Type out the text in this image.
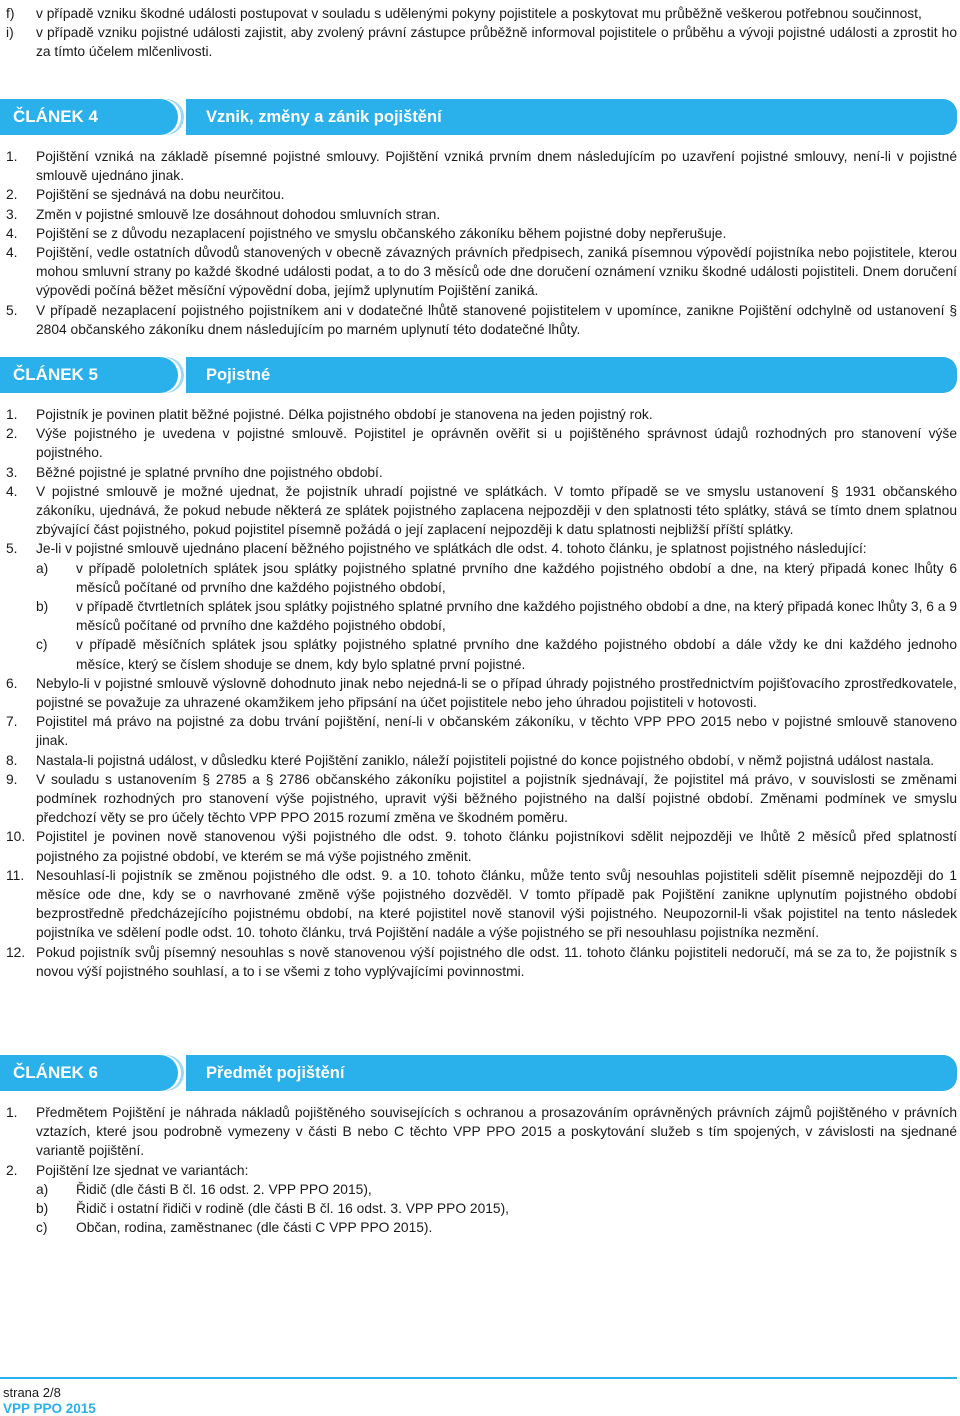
f) v případě vzniku škodné události postupovat v souladu s udělenými pokyny pojistitele a poskytovat mu průběžně veškerou potřebnou součinnost,

i) v případě vzniku pojistné události zajistit, aby zvolený právní zástupce průběžně informoval pojistitele o průběhu a vývoji pojistné události a zprostit ho za tímto účelem mlčenlivosti.

ČLÁNEK 4	Vznik, změny a zánik pojištění

1. Pojištění vzniká na základě písemné pojistné smlouvy. Pojištění vzniká prvním dnem následujícím po uzavření pojistné smlouvy, není-li v pojistné smlouvě ujednáno jinak.

2. Pojištění se sjednává na dobu neurčitou.

3. Změn v pojistné smlouvě lze dosáhnout dohodou smluvních stran.

4. Pojištění se z důvodu nezaplacení pojistného ve smyslu občanského zákoníku během pojistné doby nepřerušuje.

4. Pojištění, vedle ostatních důvodů stanovených v obecně závazných právních předpisech, zaniká písemnou výpovědí pojistníka nebo pojistitele, kterou mohou smluvní strany po každé škodné události podat, a to do 3 měsíců ode dne doručení oznámení vzniku škodné události pojistiteli. Dnem doručení výpovědi počíná běžet měsíční výpovědní doba, jejímž uplynutím Pojištění zaniká.

5. V případě nezaplacení pojistného pojistníkem ani v dodatečné lhůtě stanovené pojistitelem v upomínce, zanikne Pojištění odchylně od ustanovení § 2804 občanského zákoníku dnem následujícím po marném uplynutí této dodatečné lhůty.

ČLÁNEK 5	Pojistné

1. Pojistník je povinen platit běžné pojistné. Délka pojistného období je stanovena na jeden pojistný rok.

2. Výše pojistného je uvedena v pojistné smlouvě. Pojistitel je oprávněn ověřit si u pojištěného správnost údajů rozhodných pro stanovení výše pojistného.

3. Běžné pojistné je splatné prvního dne pojistného období.

4. V pojistné smlouvě je možné ujednat, že pojistník uhradí pojistné ve splátkách. V tomto případě se ve smyslu ustanovení § 1931 občanského zákoníku, ujednává, že pokud nebude některá ze splátek pojistného zaplacena nejpozději v den splatnosti této splátky, stává se tímto dnem splatnou zbývající část pojistného, pokud pojistitel písemně požádá o její zaplacení nejpozději k datu splatnosti nejbližší příští splátky.

5. Je-li v pojistné smlouvě ujednáno placení běžného pojistného ve splátkách dle odst. 4. tohoto článku, je splatnost pojistného následující:

a) v případě pololetních splátek jsou splátky pojistného splatné prvního dne každého pojistného období a dne, na který připadá konec lhůty 6 měsíců počítané od prvního dne každého pojistného období,

b) v případě čtvrtletních splátek jsou splátky pojistného splatné prvního dne každého pojistného období a dne, na který připadá konec lhůty 3, 6 a 9 měsíců počítané od prvního dne každého pojistného období,

c) v případě měsíčních splátek jsou splátky pojistného splatné prvního dne každého pojistného období a dále vždy ke dni každého jednoho měsíce, který se číslem shoduje se dnem, kdy bylo splatné první pojistné.

6. Nebylo-li v pojistné smlouvě výslovně dohodnuto jinak nebo nejedná-li se o případ úhrady pojistného prostřednictvím pojišťovacího zprostředkovatele, pojistné se považuje za uhrazené okamžikem jeho připsání na účet pojistitele nebo jeho úhradou pojistiteli v hotovosti.

7. Pojistitel má právo na pojistné za dobu trvání pojištění, není-li v občanském zákoníku, v těchto VPP PPO 2015 nebo v pojistné smlouvě stanoveno jinak.

8. Nastala-li pojistná událost, v důsledku které Pojištění zaniklo, náleží pojistiteli pojistné do konce pojistného období, v němž pojistná událost nastala.

9. V souladu s ustanovením § 2785 a § 2786 občanského zákoníku pojistitel a pojistník sjednávají, že pojistitel má právo, v souvislosti se změnami podmínek rozhodných pro stanovení výše pojistného, upravit výši běžného pojistného na další pojistné období. Změnami podmínek ve smyslu předchozí věty se pro účely těchto VPP PPO 2015 rozumí změna ve škodném poměru.

10. Pojistitel je povinen nově stanovenou výši pojistného dle odst. 9. tohoto článku pojistníkovi sdělit nejpozději ve lhůtě 2 měsíců před splatností pojistného za pojistné období, ve kterém se má výše pojistného změnit.

11. Nesouhlasí-li pojistník se změnou pojistného dle odst. 9. a 10. tohoto článku, může tento svůj nesouhlas pojistiteli sdělit písemně nejpozději do 1 měsíce ode dne, kdy se o navrhované změně výše pojistného dozvěděl. V tomto případě pak Pojištění zanikne uplynutím pojistného období bezprostředně předcházejícího pojistnému období, na které pojistitel nově stanovil výši pojistného. Neupozornil-li však pojistitel na tento následek pojistníka ve sdělení podle odst. 10. tohoto článku, trvá Pojištění nadále a výše pojistného se při nesouhlasu pojistníka nezmění.

12. Pokud pojistník svůj písemný nesouhlas s nově stanovenou výší pojistného dle odst. 11. tohoto článku pojistiteli nedoručí, má se za to, že pojistník s novou výší pojistného souhlasí, a to i se všemi z toho vyplývajícími povinnostmi.

ČLÁNEK 6	Předmět pojištění

1. Předmětem Pojištění je náhrada nákladů pojištěného souvisejících s ochranou a prosazováním oprávněných právních zájmů pojištěného v právních vztazích, které jsou podrobně vymezeny v části B nebo C těchto VPP PPO 2015 a poskytování služeb s tím spojených, v závislosti na sjednané variantě pojištění.

2. Pojištění lze sjednat ve variantách:

a) Řidič (dle části B čl. 16 odst. 2. VPP PPO 2015),

b) Řidič i ostatní řidiči v rodině (dle části B čl. 16 odst. 3. VPP PPO 2015),

c) Občan, rodina, zaměstnanec (dle části C VPP PPO 2015).

strana 2/8
VPP PPO 2015
